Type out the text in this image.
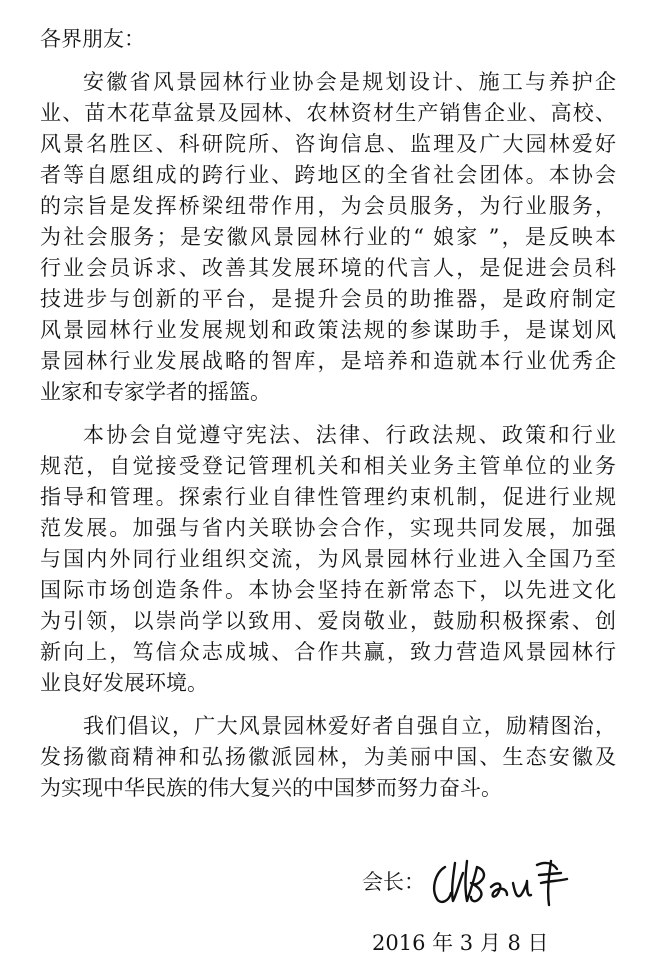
各界朋友：
安徽省风景园林行业协会是规划设计、施工与养护企
业、苗木花草盆景及园林、农林资材生产销售企业、高校、
风景名胜区、科研院所、咨询信息、监理及广大园林爱好
者等自愿组成的跨行业、跨地区的全省社会团体。本协会
的宗旨是发挥桥梁纽带作用，为会员服务，为行业服务，
为社会服务；是安徽风景园林行业的“ 娘家 ”，是反映本
行业会员诉求、改善其发展环境的代言人，是促进会员科
技进步与创新的平台，是提升会员的助推器，是政府制定
风景园林行业发展规划和政策法规的参谋助手，是谋划风
景园林行业发展战略的智库，是培养和造就本行业优秀企
业家和专家学者的摇篮。
本协会自觉遵守宪法、法律、行政法规、政策和行业
规范，自觉接受登记管理机关和相关业务主管单位的业务
指导和管理。探索行业自律性管理约束机制，促进行业规
范发展。加强与省内关联协会合作，实现共同发展，加强
与国内外同行业组织交流，为风景园林行业进入全国乃至
国际市场创造条件。本协会坚持在新常态下，以先进文化
为引领，以崇尚学以致用、爱岗敬业，鼓励积极探索、创
新向上，笃信众志成城、合作共赢，致力营造风景园林行
业良好发展环境。
我们倡议，广大风景园林爱好者自强自立，励精图治，
发扬徽商精神和弘扬徽派园林，为美丽中国、生态安徽及
为实现中华民族的伟大复兴的中国梦而努力奋斗。
会长：
2016 年 3 月 8 日
